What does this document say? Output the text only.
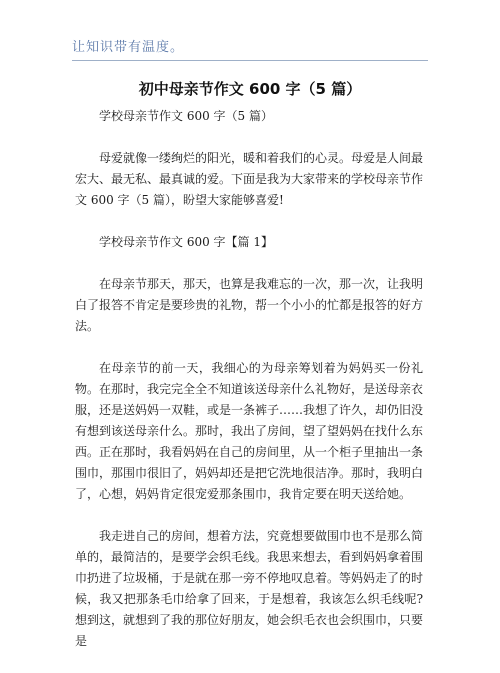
让知识带有温度。
初中母亲节作文 600 字（5 篇）

学校母亲节作文 600 字（5 篇）

母爱就像一缕绚烂的阳光，暖和着我们的心灵。母爱是人间最宏大、最无私、最真诚的爱。下面是我为大家带来的学校母亲节作文 600 字（5 篇），盼望大家能够喜爱!

学校母亲节作文 600 字【篇 1】

在母亲节那天，那天，也算是我难忘的一次，那一次，让我明白了报答不肯定是要珍贵的礼物，帮一个小小的忙都是报答的好方法。

在母亲节的前一天，我细心的为母亲筹划着为妈妈买一份礼物。在那时，我完完全全不知道该送母亲什么礼物好，是送母亲衣服，还是送妈妈一双鞋，或是一条裤子……我想了许久，却仍旧没有想到该送母亲什么。那时，我出了房间，望了望妈妈在找什么东西。正在那时，我看妈妈在自己的房间里，从一个柜子里抽出一条围巾，那围巾很旧了，妈妈却还是把它洗地很洁净。那时，我明白了，心想，妈妈肯定很宠爱那条围巾，我肯定要在明天送给她。

我走进自己的房间，想着方法，究竟想要做围巾也不是那么简单的，最简洁的，是要学会织毛线。我思来想去，看到妈妈拿着围巾扔进了垃圾桶，于是就在那一旁不停地叹息着。等妈妈走了的时候，我又把那条毛巾给拿了回来，于是想着，我该怎么织毛线呢?想到这，就想到了我的那位好朋友，她会织毛衣也会织围巾，只要是
